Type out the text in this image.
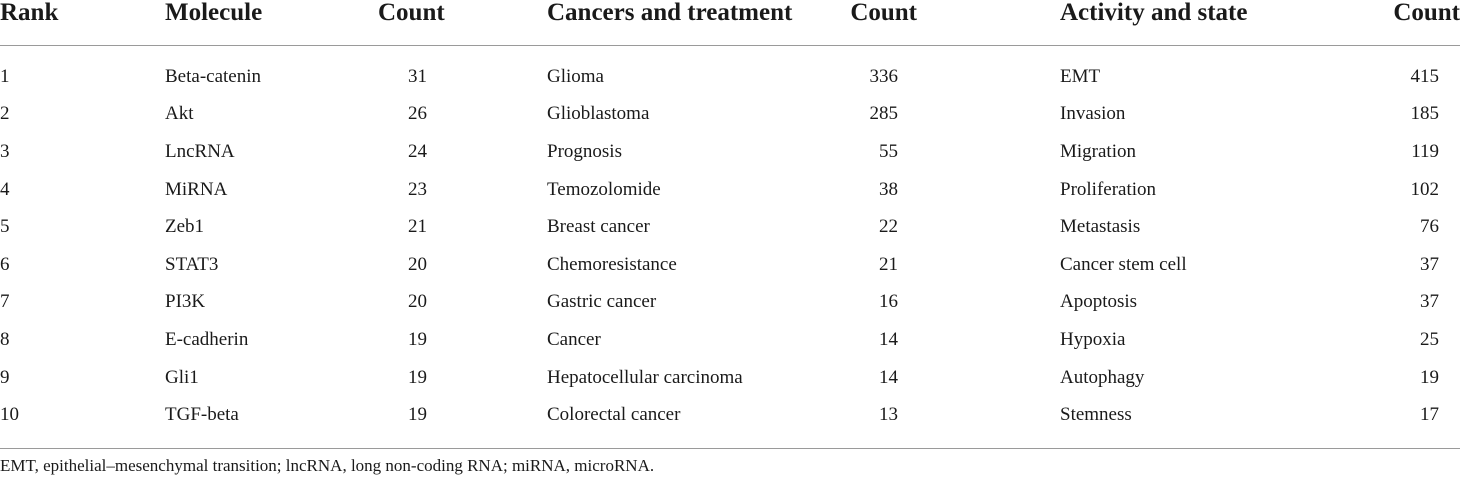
Rank	Molecule	Count		Cancers and treatment	Count		Activity and state	Count

1	Beta-catenin	31		Glioma	336		EMT	415
2	Akt	26		Glioblastoma	285		Invasion	185
3	LncRNA	24		Prognosis	55		Migration	119
4	MiRNA	23		Temozolomide	38		Proliferation	102
5	Zeb1	21		Breast cancer	22		Metastasis	76
6	STAT3	20		Chemoresistance	21		Cancer stem cell	37
7	PI3K	20		Gastric cancer	16		Apoptosis	37
8	E-cadherin	19		Cancer	14		Hypoxia	25
9	Gli1	19		Hepatocellular carcinoma	14		Autophagy	19
10	TGF-beta	19		Colorectal cancer	13		Stemness	17

EMT, epithelial–mesenchymal transition; lncRNA, long non-coding RNA; miRNA, microRNA.
